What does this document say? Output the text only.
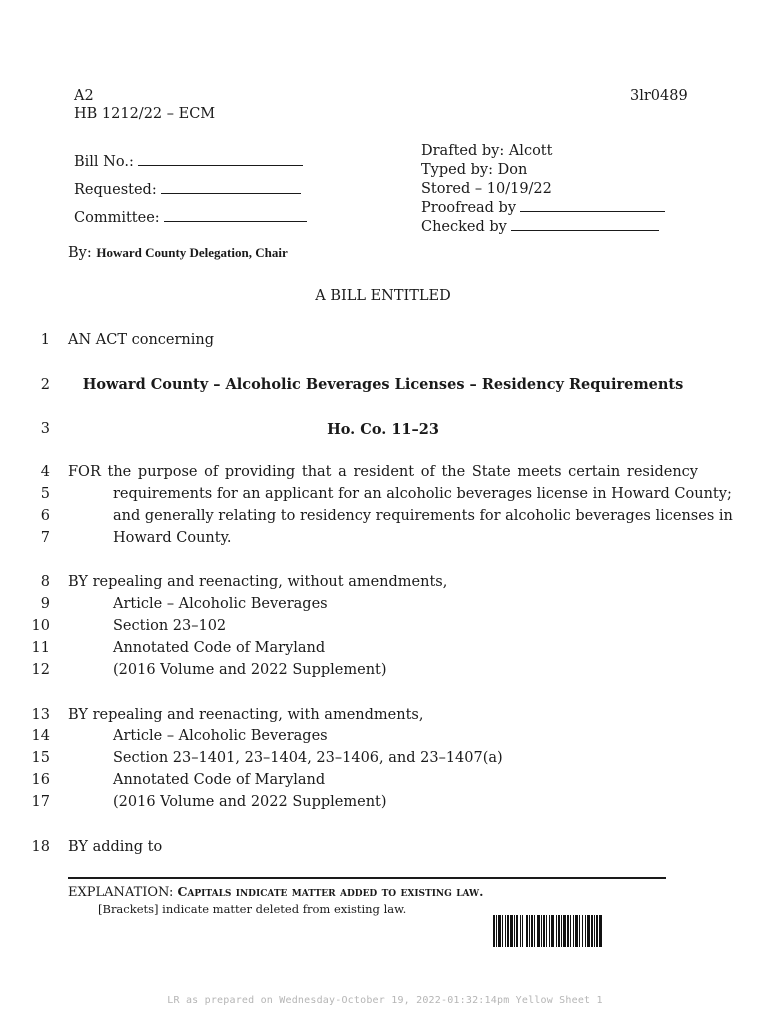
A2
HB 1212/22 – ECM
3lr0489
Bill No.:
Requested:
Committee:
Drafted by: Alcott
Typed by: Don
Stored – 10/19/22
Proofread by
Checked by
By: Howard County Delegation, Chair
A BILL ENTITLED
1 AN ACT concerning
2	Howard County – Alcoholic Beverages Licenses – Residency Requirements
3	Ho. Co. 11–23
4 FOR the purpose of providing that a resident of the State meets certain residency
5	requirements for an applicant for an alcoholic beverages license in Howard County;
6	and generally relating to residency requirements for alcoholic beverages licenses in
7	Howard County.
8 BY repealing and reenacting, without amendments,
9	Article – Alcoholic Beverages
10	Section 23–102
11	Annotated Code of Maryland
12	(2016 Volume and 2022 Supplement)
13 BY repealing and reenacting, with amendments,
14	Article – Alcoholic Beverages
15	Section 23–1401, 23–1404, 23–1406, and 23–1407(a)
16	Annotated Code of Maryland
17	(2016 Volume and 2022 Supplement)
18 BY adding to
EXPLANATION: Capitals indicate matter added to existing law.
[Brackets] indicate matter deleted from existing law.
LR as prepared on Wednesday-October 19, 2022-01:32:14pm Yellow Sheet 1
